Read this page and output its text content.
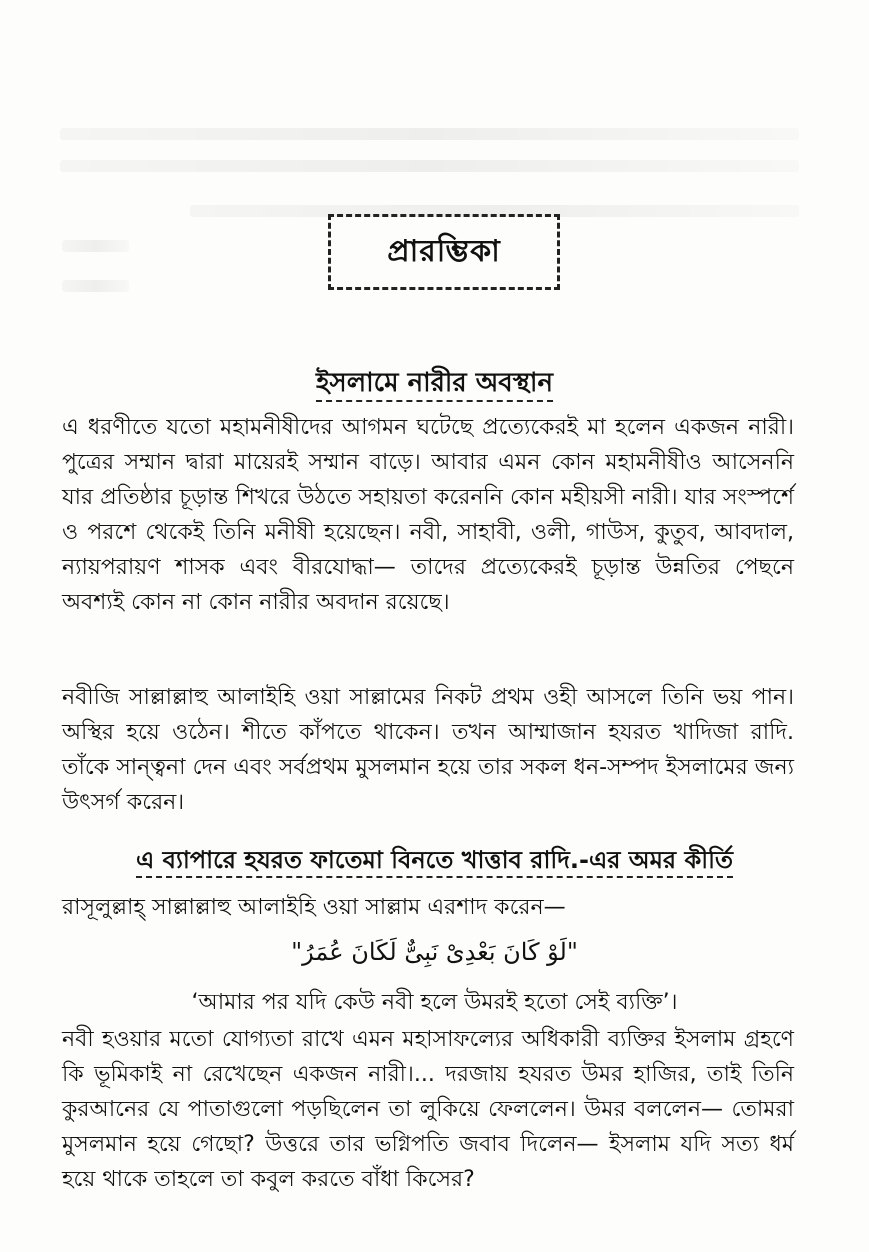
প্রারম্ভিকা
ইসলামে নারীর অবস্থান

এ ধরণীতে যতো মহামনীষীদের আগমন ঘটেছে প্রত্যেকেরই মা হলেন একজন নারী। পুত্রের সম্মান দ্বারা মায়েরই সম্মান বাড়ে। আবার এমন কোন মহামনীষীও আসেননি যার প্রতিষ্ঠার চূড়ান্ত শিখরে উঠতে সহায়তা করেননি কোন মহীয়সী নারী। যার সংস্পর্শে ও পরশে থেকেই তিনি মনীষী হয়েছেন। নবী, সাহাবী, ওলী, গাউস, কুতুব, আবদাল, ন্যায়পরায়ণ শাসক এবং বীরযোদ্ধা— তাদের প্রত্যেকেরই চূড়ান্ত উন্নতির পেছনে অবশ্যই কোন না কোন নারীর অবদান রয়েছে।

নবীজি সাল্লাল্লাহু আলাইহি ওয়া সাল্লামের নিকট প্রথম ওহী আসলে তিনি ভয় পান। অস্থির হয়ে ওঠেন। শীতে কাঁপতে থাকেন। তখন আম্মাজান হযরত খাদিজা রাদি. তাঁকে সান্ত্বনা দেন এবং সর্বপ্রথম মুসলমান হয়ে তার সকল ধন-সম্পদ ইসলামের জন্য উৎসর্গ করেন।

এ ব্যাপারে হযরত ফাতেমা বিনতে খাত্তাব রাদি.-এর অমর কীর্তি

রাসূলুল্লাহ্ সাল্লাল্লাহু আলাইহি ওয়া সাল্লাম এরশাদ করেন—

"لَوْ كَانَ بَعْدِىْ نَبِىٌّ لَكَانَ عُمَرُ"
‘আমার পর যদি কেউ নবী হলে উমরই হতো সেই ব্যক্তি’।

নবী হওয়ার মতো যোগ্যতা রাখে এমন মহাসাফল্যের অধিকারী ব্যক্তির ইসলাম গ্রহণে কি ভূমিকাই না রেখেছেন একজন নারী।... দরজায় হযরত উমর হাজির, তাই তিনি কুরআনের যে পাতাগুলো পড়ছিলেন তা লুকিয়ে ফেললেন। উমর বললেন— তোমরা মুসলমান হয়ে গেছো? উত্তরে তার ভগ্নিপতি জবাব দিলেন— ইসলাম যদি সত্য ধর্ম হয়ে থাকে তাহলে তা কবুল করতে বাঁধা কিসের?
